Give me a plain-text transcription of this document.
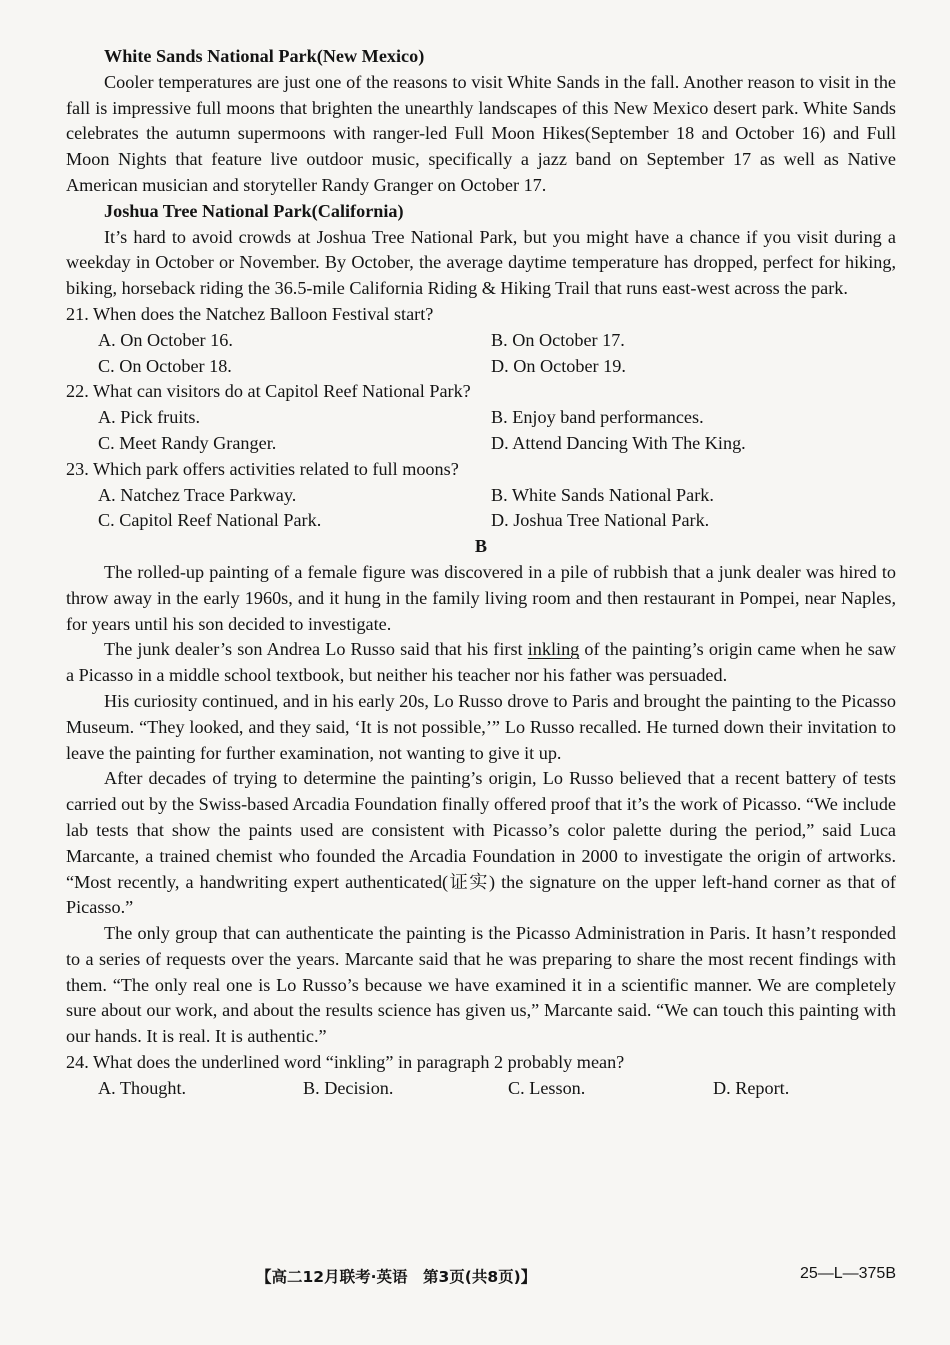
White Sands National Park(New Mexico)

Cooler temperatures are just one of the reasons to visit White Sands in the fall. Another reason to visit in the fall is impressive full moons that brighten the unearthly landscapes of this New Mexico desert park. White Sands celebrates the autumn supermoons with ranger-led Full Moon Hikes(September 18 and October 16) and Full Moon Nights that feature live outdoor music, specifically a jazz band on September 17 as well as Native American musician and storyteller Randy Granger on October 17.

Joshua Tree National Park(California)

It’s hard to avoid crowds at Joshua Tree National Park, but you might have a chance if you visit during a weekday in October or November. By October, the average daytime temperature has dropped, perfect for hiking, biking, horseback riding the 36.5-mile California Riding & Hiking Trail that runs east-west across the park.

21. When does the Natchez Balloon Festival start?

A. On October 16.	B. On October 17.
C. On October 18.	D. On October 19.

22. What can visitors do at Capitol Reef National Park?

A. Pick fruits.	B. Enjoy band performances.
C. Meet Randy Granger.	D. Attend Dancing With The King.

23. Which park offers activities related to full moons?

A. Natchez Trace Parkway.	B. White Sands National Park.
C. Capitol Reef National Park.	D. Joshua Tree National Park.

B

The rolled-up painting of a female figure was discovered in a pile of rubbish that a junk dealer was hired to throw away in the early 1960s, and it hung in the family living room and then restaurant in Pompei, near Naples, for years until his son decided to investigate.

The junk dealer’s son Andrea Lo Russo said that his first inkling of the painting’s origin came when he saw a Picasso in a middle school textbook, but neither his teacher nor his father was persuaded.

His curiosity continued, and in his early 20s, Lo Russo drove to Paris and brought the painting to the Picasso Museum. “They looked, and they said, ‘It is not possible,’” Lo Russo recalled. He turned down their invitation to leave the painting for further examination, not wanting to give it up.

After decades of trying to determine the painting’s origin, Lo Russo believed that a recent battery of tests carried out by the Swiss-based Arcadia Foundation finally offered proof that it’s the work of Picasso. “We include lab tests that show the paints used are consistent with Picasso’s color palette during the period,” said Luca Marcante, a trained chemist who founded the Arcadia Foundation in 2000 to investigate the origin of artworks. “Most recently, a handwriting expert authenticated(证实) the signature on the upper left-hand corner as that of Picasso.”

The only group that can authenticate the painting is the Picasso Administration in Paris. It hasn’t responded to a series of requests over the years. Marcante said that he was preparing to share the most recent findings with them. “The only real one is Lo Russo’s because we have examined it in a scientific manner. We are completely sure about our work, and about the results science has given us,” Marcante said. “We can touch this painting with our hands. It is real. It is authentic.”

24. What does the underlined word “inkling” in paragraph 2 probably mean?

A. Thought.	B. Decision.	C. Lesson.	D. Report.
【高二12月联考·英语　第3页(共8页)】	25—L—375B
